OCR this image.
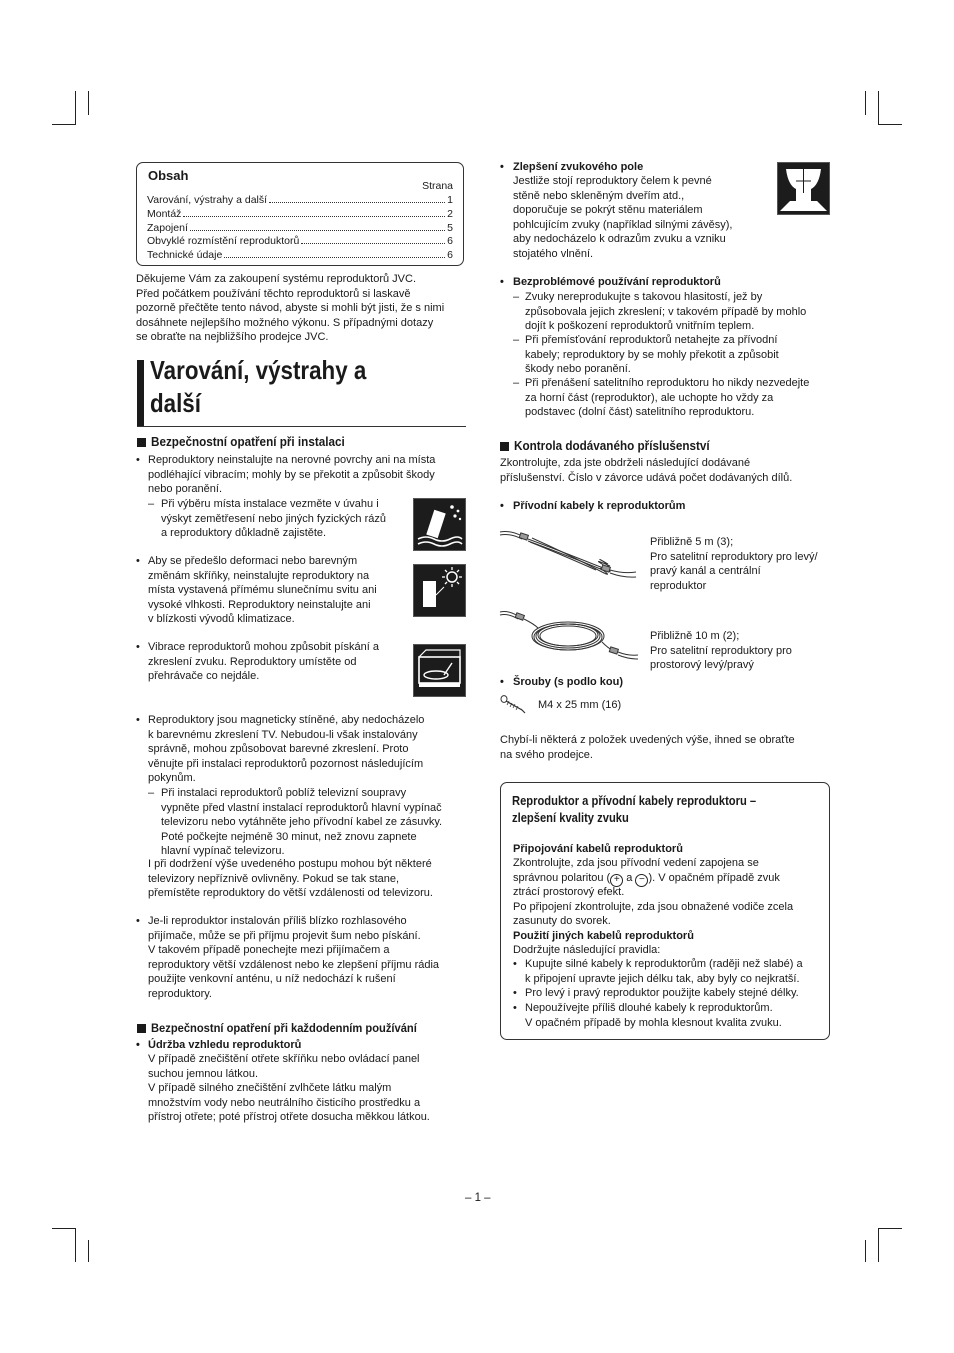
Obsah
Strana
Varování, výstrahy a další	1
Montáž	2
Zapojení	5
Obvyklé rozmístění reproduktorů	6
Technické údaje	6
Děkujeme Vám za zakoupení systému reproduktorů JVC.
Před počátkem používání těchto reproduktorů si laskavě
pozorně přečtěte tento návod, abyste si mohli být jisti, že s nimi
dosáhnete nejlepšího možného výkonu. S případnými dotazy
se obraťte na nejbližšího prodejce JVC.
Varování, výstrahy a
další
Bezpečnostní opatření při instalaci
• Reproduktory neinstalujte na nerovné povrchy ani na místa
podléhající vibracím; mohly by se překotit a způsobit škody
nebo poranění.
– Při výběru místa instalace vezměte v úvahu i
výskyt zemětřesení nebo jiných fyzických rázů
a reproduktory důkladně zajistěte.
• Aby se předešlo deformaci nebo barevným
změnám skříňky, neinstalujte reproduktory na
místa vystavená přímému slunečnímu svitu ani
vysoké vlhkosti. Reproduktory neinstalujte ani
v blízkosti vývodů klimatizace.
• Vibrace reproduktorů mohou způsobit pískání a
zkreslení zvuku. Reproduktory umístěte od
přehrávače co nejdále.
• Reproduktory jsou magneticky stíněné, aby nedocházelo
k barevnému zkreslení TV. Nebudou-li však instalovány
správně, mohou způsobovat barevné zkreslení. Proto
věnujte při instalaci reproduktorů pozornost následujícím
pokynům.
– Při instalaci reproduktorů poblíž televizní soupravy
vypněte před vlastní instalací reproduktorů hlavní vypínač
televizoru nebo vytáhněte jeho přívodní kabel ze zásuvky.
Poté počkejte nejméně 30 minut, než znovu zapnete
hlavní vypínač televizoru.
I při dodržení výše uvedeného postupu mohou být některé
televizory nepříznivě ovlivněny. Pokud se tak stane,
přemístěte reproduktory do větší vzdálenosti od televizoru.
• Je-li reproduktor instalován příliš blízko rozhlasového
přijímače, může se při příjmu projevit šum nebo pískání.
V takovém případě ponechejte mezi přijímačem a
reproduktory větší vzdálenost nebo ke zlepšení příjmu rádia
použijte venkovní anténu, u níž nedochází k rušení
reproduktory.
Bezpečnostní opatření při každodenním používání
• Údržba vzhledu reproduktorů
V případě znečištění otřete skříňku nebo ovládací panel
suchou jemnou látkou.
V případě silného znečištění zvlhčete látku malým
množstvím vody nebo neutrálního čisticího prostředku a
přístroj otřete; poté přístroj otřete dosucha měkkou látkou.
• Zlepšení zvukového pole
Jestliže stojí reproduktory čelem k pevné
stěně nebo skleněným dveřím atd.,
doporučuje se pokrýt stěnu materiálem
pohlcujícím zvuky (například silnými závěsy),
aby nedocházelo k odrazům zvuku a vzniku
stojatého vlnění.
• Bezproblémové používání reproduktorů
– Zvuky nereprodukujte s takovou hlasitostí, jež by
způsobovala jejich zkreslení; v takovém případě by mohlo
dojít k poškození reproduktorů vnitřním teplem.
– Při přemísťování reproduktorů netahejte za přívodní
kabely; reproduktory by se mohly překotit a způsobit
škody nebo poranění.
– Při přenášení satelitního reproduktoru ho nikdy nezvedejte
za horní část (reproduktor), ale uchopte ho vždy za
podstavec (dolní část) satelitního reproduktoru.
Kontrola dodávaného příslušenství
Zkontrolujte, zda jste obdrželi následující dodávané
příslušenství. Číslo v závorce udává počet dodávaných dílů.
• Přívodní kabely k reproduktorům
Přibližně 5 m (3);
Pro satelitní reproduktory pro levý/
pravý kanál a centrální
reproduktor
Přibližně 10 m (2);
Pro satelitní reproduktory pro
prostorový levý/pravý
• Šrouby (s podlo kou)
M4 x 25 mm (16)
Chybí-li některá z položek uvedených výše, ihned se obraťte
na svého prodejce.
Reproduktor a přívodní kabely reproduktoru –
zlepšení kvality zvuku
Připojování kabelů reproduktorů
Zkontrolujte, zda jsou přívodní vedení zapojena se
správnou polaritou ( + a − ). V opačném případě zvuk
ztrácí prostorový efekt.
Po připojení zkontrolujte, zda jsou obnažené vodiče zcela
zasunuty do svorek.
Použití jiných kabelů reproduktorů
Dodržujte následující pravidla:
• Kupujte silné kabely k reproduktorům (raději než slabé) a
k připojení upravte jejich délku tak, aby byly co nejkratší.
• Pro levý i pravý reproduktor použijte kabely stejné délky.
• Nepoužívejte příliš dlouhé kabely k reproduktorům.
V opačném případě by mohla klesnout kvalita zvuku.
– 1 –
